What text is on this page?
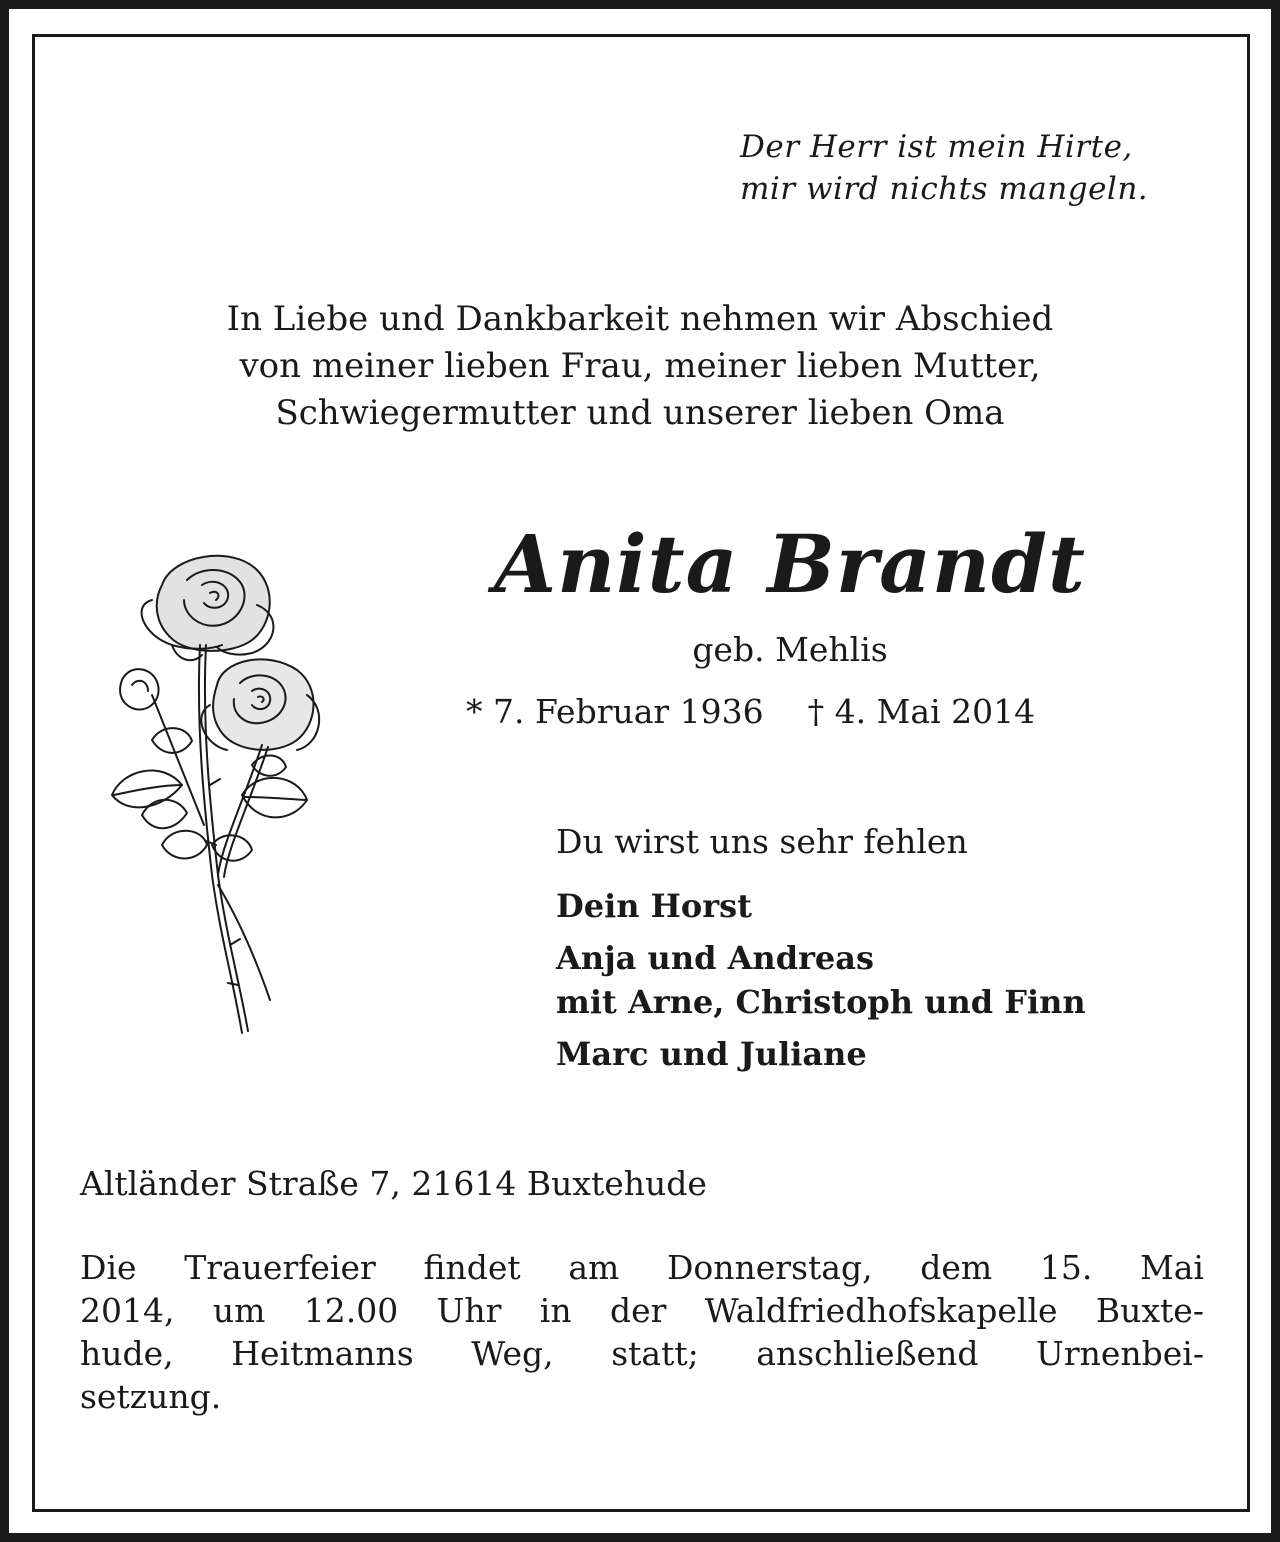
Der Herr ist mein Hirte,
mir wird nichts mangeln.
In Liebe und Dankbarkeit nehmen wir Abschied
von meiner lieben Frau, meiner lieben Mutter,
Schwiegermutter und unserer lieben Oma
Anita Brandt
geb. Mehlis
* 7. Februar 1936 † 4. Mai 2014
Du wirst uns sehr fehlen
Dein Horst
Anja und Andreas
mit Arne, Christoph und Finn
Marc und Juliane
Altländer Straße 7, 21614 Buxtehude
Die Trauerfeier findet am Donnerstag, dem 15. Mai
2014, um 12.00 Uhr in der Waldfriedhofskapelle Buxte-
hude, Heitmanns Weg, statt; anschließend Urnenbei-
setzung.
